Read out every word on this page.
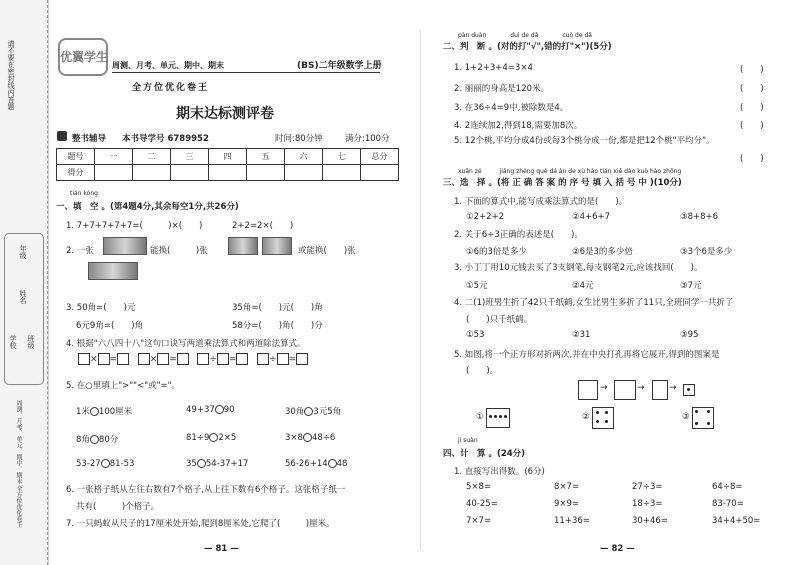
请不要在密封线内答题
年级
姓名
学校 班级
周测、月考、单元、期中、期末 全方位优化卷王
优翼学生
周测、月考、单元、期中、期末
全方位优化卷王
(BS)二年级数学上册
期末达标测评卷
整书辅导 本书导学号 6789952	时间:80分钟	满分:100分
题号	一	二	三	四	五	六	七	总分
得分								
tián kòng
一、填　空 。(第4题4分,其余每空1分,共26分)
1. 7+7+7+7+7=(　　　)×(　　)	2+2=2×(　　)
2. 一张	能换(　　　)张	或能换(　　)张
3. 50角=(　　)元	35角=(　　)元(　　)角
6元9角=(　　)角	58分=(　　)角(　　)分
4. 根据"六八四十八"这句口诀写两道乘法算式和两道除法算式。
× =	× =	÷ =	÷ =
5. 在○里填上">""<"或"="。
1米 100厘米	49+37 90	30角 3元5角
8角 80分	81÷9 2×5	3×8 48÷6
53-27 81-53	35 54-37+17	56-26+14 48
6. 一张格子纸从左往右数有7个格子,从上往下数有6个格子。这张格子纸一
共有(　　　)个格子。
7. 一只蚂蚁从尺子的17厘米处开始,爬到8厘米处,它爬了(　　　)厘米。
— 81 —
pàn duàn　　　　duì de dǎ　　　　cuò de dǎ
二、判　断 。(对的打"√",错的打"×")(5分)
1. 1+2+3+4=3×4	(　　)
2. 丽丽的身高是120米。	(　　)
3. 在36÷4=9中,被除数是4。	(　　)
4. 2连续加2,得到18,需要加8次。	(　　)
5. 12个桃,平均分成4份或每3个桃分成一份,都是把12个桃"平均分"。
(　　)
xuǎn zé　　　jiāng zhèng què dá àn de xù hào tián xiě dào kuò hào zhōng
三、选　择 。(将 正 确 答 案 的 序 号 填 入 括 号 中 )(10分)
1. 下面的算式中,能写成乘法算式的是(　　)。
①2+2+2	②4+6+7	③8+8+6
2. 关于6÷3正确的表述是(　　)。
①6的3倍是多少	②6是3的多少倍	③3个6是多少
3. 小丁丁用10元钱去买了3支钢笔,每支钢笔2元,应该找回(　　)。
①5元	②4元	③7元
4. 二(1)班男生折了42只千纸鹤,女生比男生多折了11只,全班同学一共折了
(　　)只千纸鹤。
①53	②31	③95
5. 如图,将一个正方形对折两次,并在中央打孔再将它展开,得到的图案是
(　　)。
→	→	→
①	②	③
jì suàn
四、计　算 。(24分)
1. 直接写出得数。(6分)
5×8=	8×7=	27÷3=	64÷8=
40-25=	9×9=	18÷3=	83-70=
7×7=	11+36=	30+46=	34+4+50=
— 82 —
